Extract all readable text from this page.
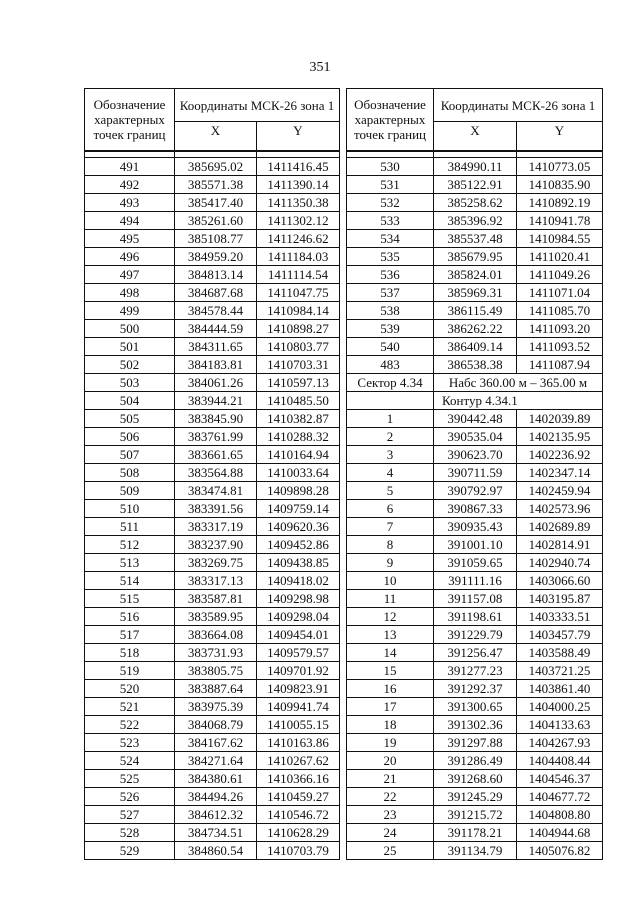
351
Обозначение характерных точек границ	Координаты МСК-26 зона 1	
	X	Y

491	385695.02	1411416.45
492	385571.38	1411390.14
493	385417.40	1411350.38
494	385261.60	1411302.12
495	385108.77	1411246.62
496	384959.20	1411184.03
497	384813.14	1411114.54
498	384687.68	1411047.75
499	384578.44	1410984.14
500	384444.59	1410898.27
501	384311.65	1410803.77
502	384183.81	1410703.31
503	384061.26	1410597.13
504	383944.21	1410485.50
505	383845.90	1410382.87
506	383761.99	1410288.32
507	383661.65	1410164.94
508	383564.88	1410033.64
509	383474.81	1409898.28
510	383391.56	1409759.14
511	383317.19	1409620.36
512	383237.90	1409452.86
513	383269.75	1409438.85
514	383317.13	1409418.02
515	383587.81	1409298.98
516	383589.95	1409298.04
517	383664.08	1409454.01
518	383731.93	1409579.57
519	383805.75	1409701.92
520	383887.64	1409823.91
521	383975.39	1409941.74
522	384068.79	1410055.15
523	384167.62	1410163.86
524	384271.64	1410267.62
525	384380.61	1410366.16
526	384494.26	1410459.27
527	384612.32	1410546.72
528	384734.51	1410628.29
529	384860.54	1410703.79
Обозначение характерных точек границ	Координаты МСК-26 зона 1	
	X	Y

530	384990.11	1410773.05
531	385122.91	1410835.90
532	385258.62	1410892.19
533	385396.92	1410941.78
534	385537.48	1410984.55
535	385679.95	1411020.41
536	385824.01	1411049.26
537	385969.31	1411071.04
538	386115.49	1411085.70
539	386262.22	1411093.20
540	386409.14	1411093.52
483	386538.38	1411087.94
Сектор 4.34	Набс 360.00 м – 365.00 м	
	Контур 4.34.1	
1	390442.48	1402039.89
2	390535.04	1402135.95
3	390623.70	1402236.92
4	390711.59	1402347.14
5	390792.97	1402459.94
6	390867.33	1402573.96
7	390935.43	1402689.89
8	391001.10	1402814.91
9	391059.65	1402940.74
10	391111.16	1403066.60
11	391157.08	1403195.87
12	391198.61	1403333.51
13	391229.79	1403457.79
14	391256.47	1403588.49
15	391277.23	1403721.25
16	391292.37	1403861.40
17	391300.65	1404000.25
18	391302.36	1404133.63
19	391297.88	1404267.93
20	391286.49	1404408.44
21	391268.60	1404546.37
22	391245.29	1404677.72
23	391215.72	1404808.80
24	391178.21	1404944.68
25	391134.79	1405076.82
